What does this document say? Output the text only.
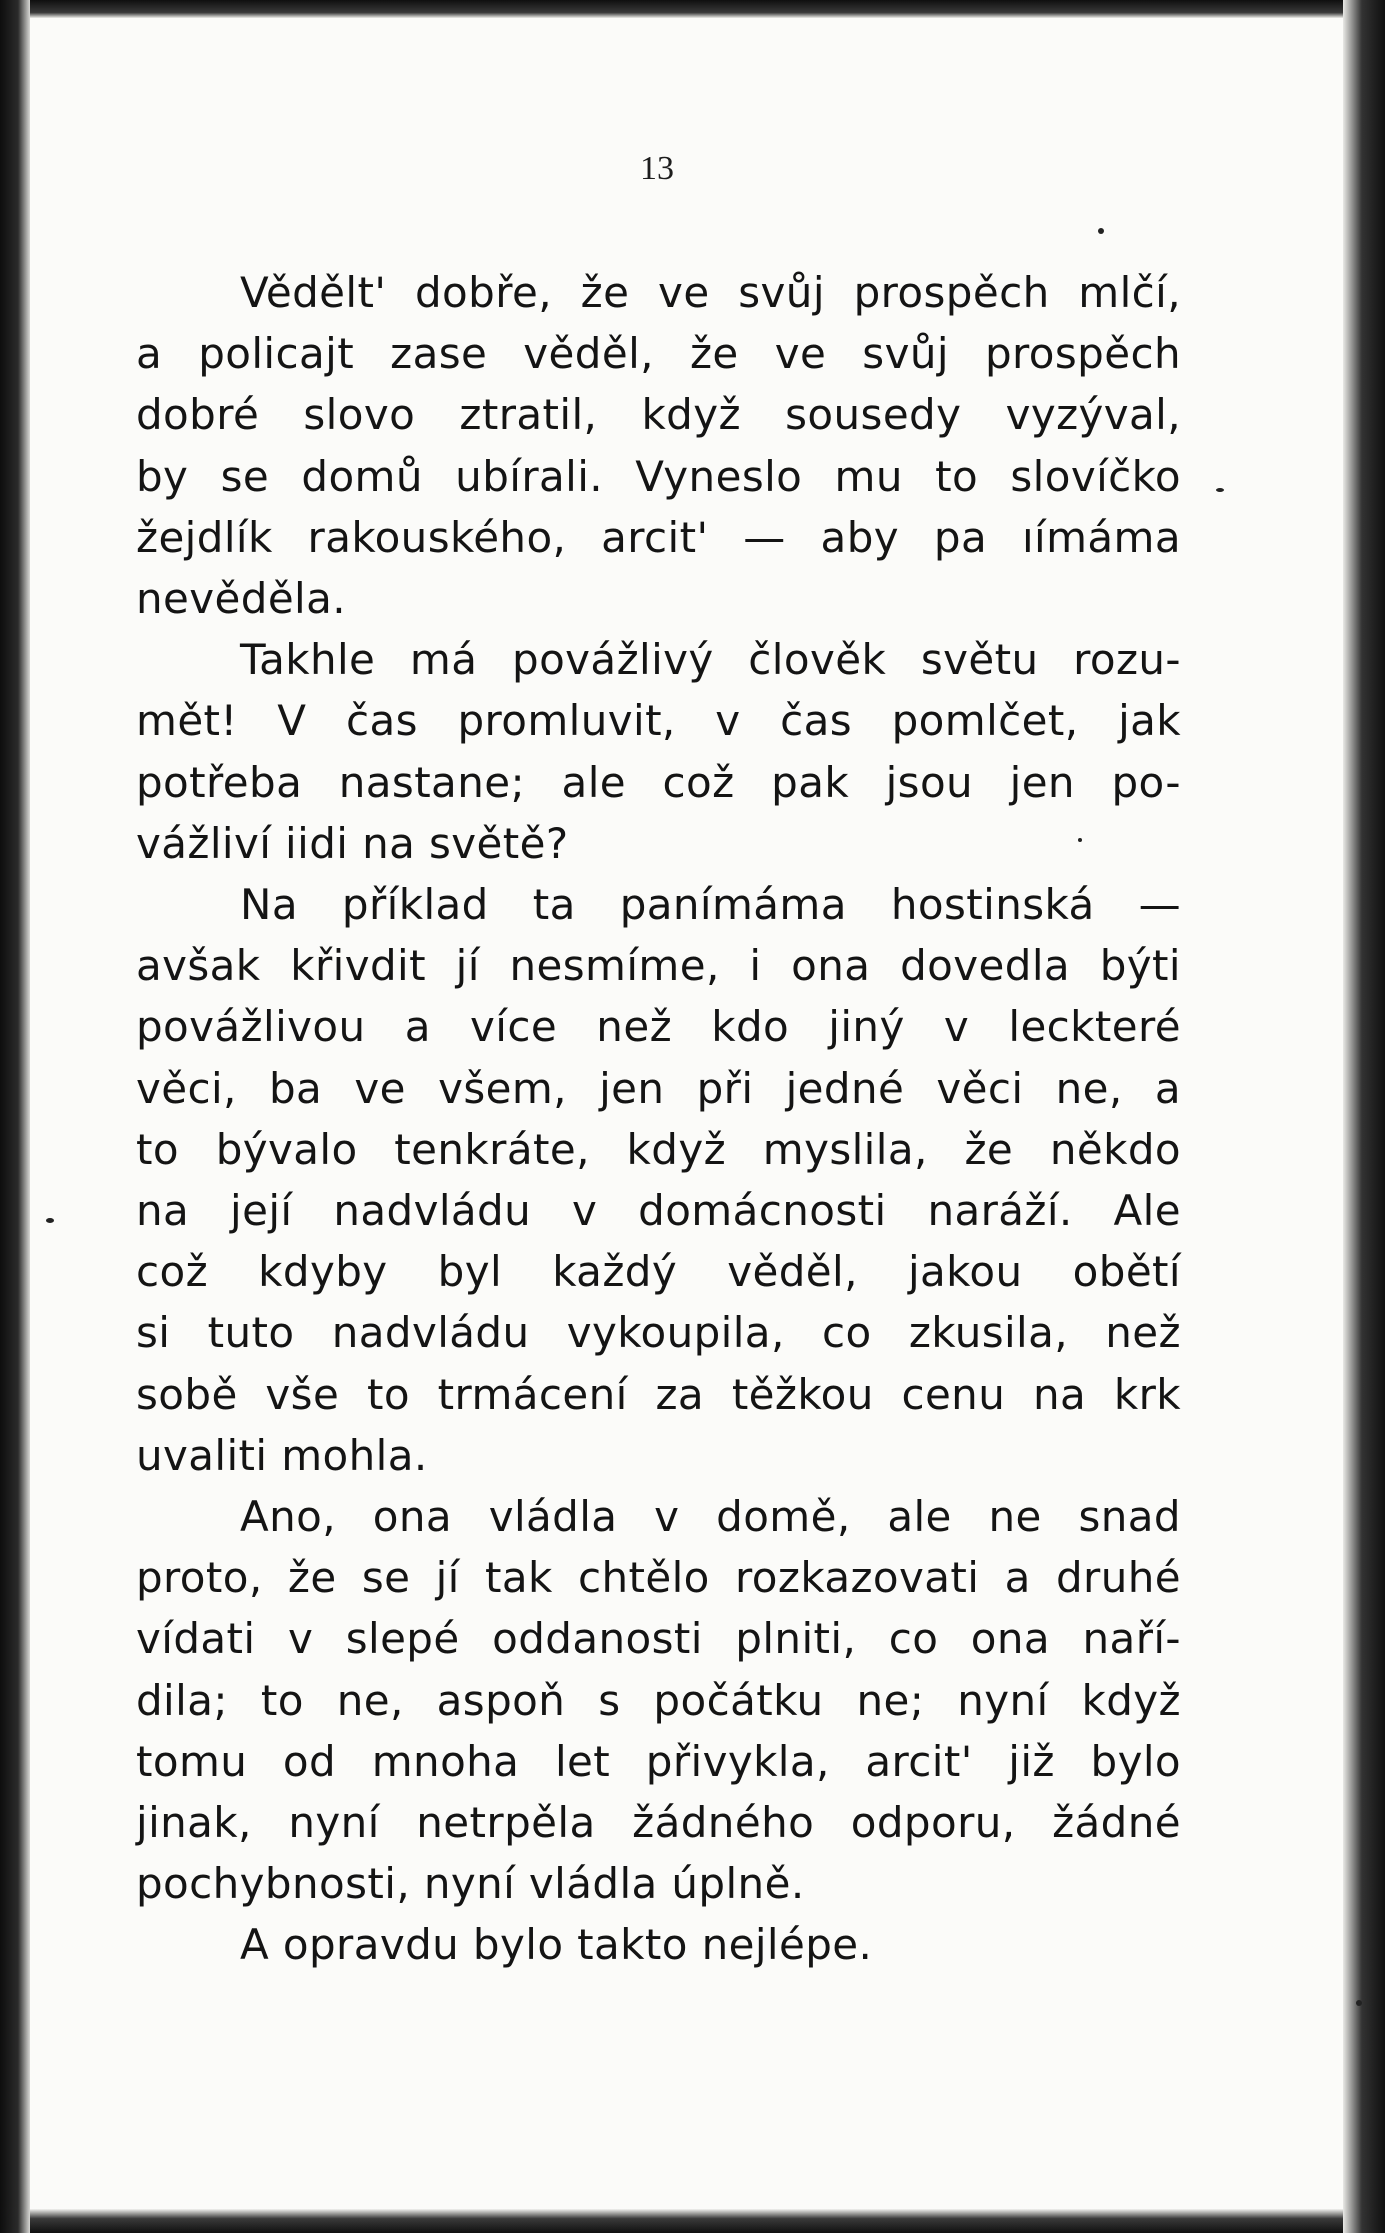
13
Věděltꞌ dobře, že ve svůj prospěch mlčí,
a policajt zase věděl, že ve svůj prospěch
dobré slovo ztratil, když sousedy vyzýval,
by se domů ubírali. Vyneslo mu to slovíčko
žejdlík rakouského, arcitꞌ — aby pa ıímáma
nevěděla.
Takhle má povážlivý člověk světu rozu-
mět! V čas promluvit, v čas pomlčet, jak
potřeba nastane; ale což pak jsou jen po-
vážliví iidi na světě?
Na příklad ta panímáma hostinská —
avšak křivdit jí nesmíme, i ona dovedla býti
povážlivou a více než kdo jiný v leckteré
věci, ba ve všem, jen při jedné věci ne, a
to bývalo tenkráte, když myslila, že někdo
na její nadvládu v domácnosti naráží. Ale
což kdyby byl každý věděl, jakou obětí
si tuto nadvládu vykoupila, co zkusila, než
sobě vše to trmácení za těžkou cenu na krk
uvaliti mohla.
Ano, ona vládla v domě, ale ne snad
proto, že se jí tak chtělo rozkazovati a druhé
vídati v slepé oddanosti plniti, co ona nařı́-
dila; to ne, aspoň s počátku ne; nyní když
tomu od mnoha let přivykla, arcitꞌ již bylo
jinak, nyní netrpěla žádného odporu, žádné
pochybnosti, nyní vládla úplně.
A opravdu bylo takto nejlépe.
